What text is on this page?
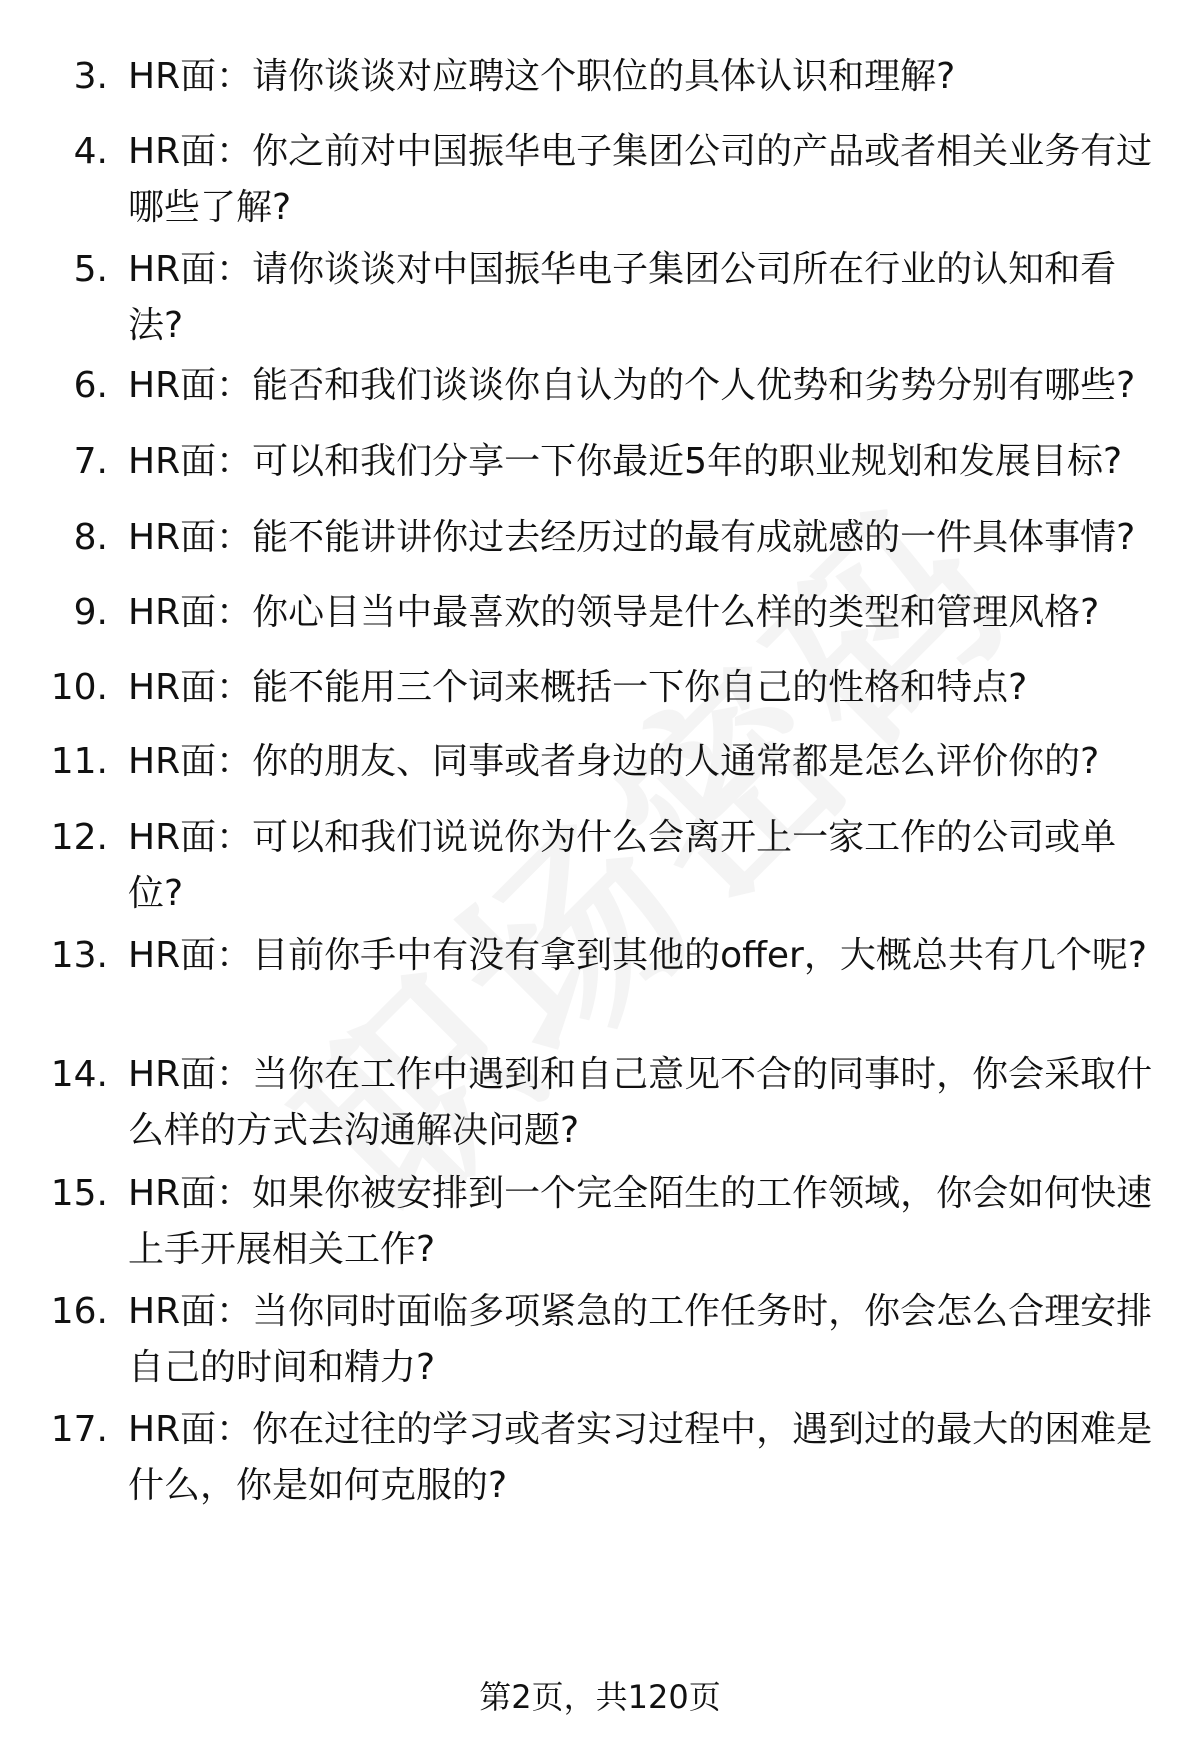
3. HR面：请你谈谈对应聘这个职位的具体认识和理解?
4. HR面：你之前对中国振华电子集团公司的产品或者相关业务有过哪些了解?
5. HR面：请你谈谈对中国振华电子集团公司所在行业的认知和看法?
6. HR面：能否和我们谈谈你自认为的个人优势和劣势分别有哪些?
7. HR面：可以和我们分享一下你最近5年的职业规划和发展目标?
8. HR面：能不能讲讲你过去经历过的最有成就感的一件具体事情?
9. HR面：你心目当中最喜欢的领导是什么样的类型和管理风格?
10. HR面：能不能用三个词来概括一下你自己的性格和特点?
11. HR面：你的朋友、同事或者身边的人通常都是怎么评价你的?
12. HR面：可以和我们说说你为什么会离开上一家工作的公司或单位?
13. HR面：目前你手中有没有拿到其他的offer，大概总共有几个呢?
14. HR面：当你在工作中遇到和自己意见不合的同事时，你会采取什么样的方式去沟通解决问题?
15. HR面：如果你被安排到一个完全陌生的工作领域，你会如何快速上手开展相关工作?
16. HR面：当你同时面临多项紧急的工作任务时，你会怎么合理安排自己的时间和精力?
17. HR面：你在过往的学习或者实习过程中，遇到过的最大的困难是什么，你是如何克服的?
第2页，共120页
